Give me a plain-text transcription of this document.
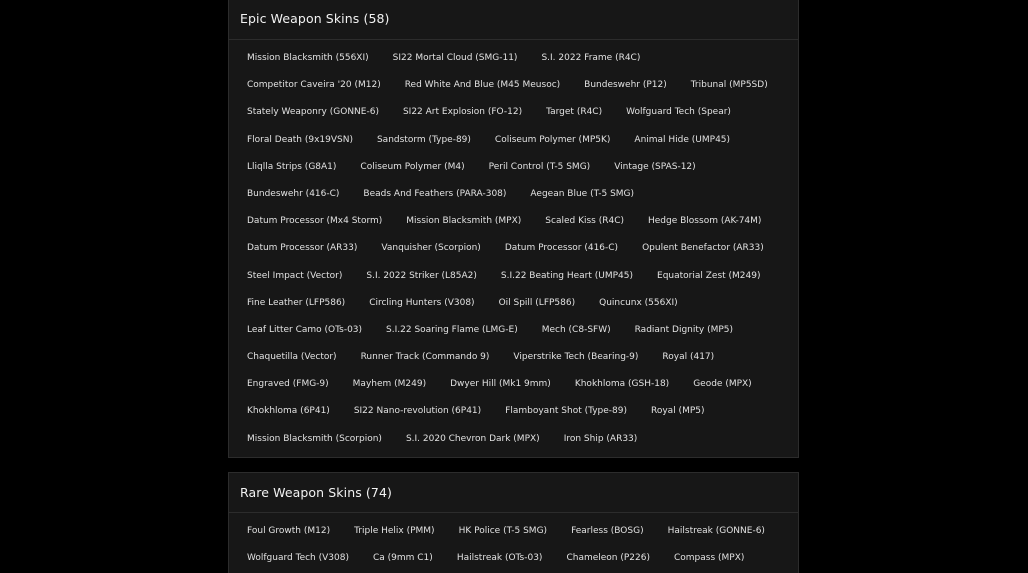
Epic Weapon Skins (58)
Mission Blacksmith (556XI)	SI22 Mortal Cloud (SMG-11)	S.I. 2022 Frame (R4C)
Competitor Caveira '20 (M12)	Red White And Blue (M45 Meusoc)	Bundeswehr (P12)	Tribunal (MP5SD)
Stately Weaponry (GONNE-6)	SI22 Art Explosion (FO-12)	Target (R4C)	Wolfguard Tech (Spear)
Floral Death (9x19VSN)	Sandstorm (Type-89)	Coliseum Polymer (MP5K)	Animal Hide (UMP45)
Lliqlla Strips (G8A1)	Coliseum Polymer (M4)	Peril Control (T-5 SMG)	Vintage (SPAS-12)
Bundeswehr (416-C)	Beads And Feathers (PARA-308)	Aegean Blue (T-5 SMG)
Datum Processor (Mx4 Storm)	Mission Blacksmith (MPX)	Scaled Kiss (R4C)	Hedge Blossom (AK-74M)
Datum Processor (AR33)	Vanquisher (Scorpion)	Datum Processor (416-C)	Opulent Benefactor (AR33)
Steel Impact (Vector)	S.I. 2022 Striker (L85A2)	S.I.22 Beating Heart (UMP45)	Equatorial Zest (M249)
Fine Leather (LFP586)	Circling Hunters (V308)	Oil Spill (LFP586)	Quincunx (556XI)
Leaf Litter Camo (OTs-03)	S.I.22 Soaring Flame (LMG-E)	Mech (C8-SFW)	Radiant Dignity (MP5)
Chaquetilla (Vector)	Runner Track (Commando 9)	Viperstrike Tech (Bearing-9)	Royal (417)
Engraved (FMG-9)	Mayhem (M249)	Dwyer Hill (Mk1 9mm)	Khokhloma (GSH-18)	Geode (MPX)
Khokhloma (6P41)	SI22 Nano-revolution (6P41)	Flamboyant Shot (Type-89)	Royal (MP5)
Mission Blacksmith (Scorpion)	S.I. 2020 Chevron Dark (MPX)	Iron Ship (AR33)
Rare Weapon Skins (74)
Foul Growth (M12)	Triple Helix (PMM)	HK Police (T-5 SMG)	Fearless (BOSG)	Hailstreak (GONNE-6)
Wolfguard Tech (V308)	Ca (9mm C1)	Hailstreak (OTs-03)	Chameleon (P226)	Compass (MPX)
